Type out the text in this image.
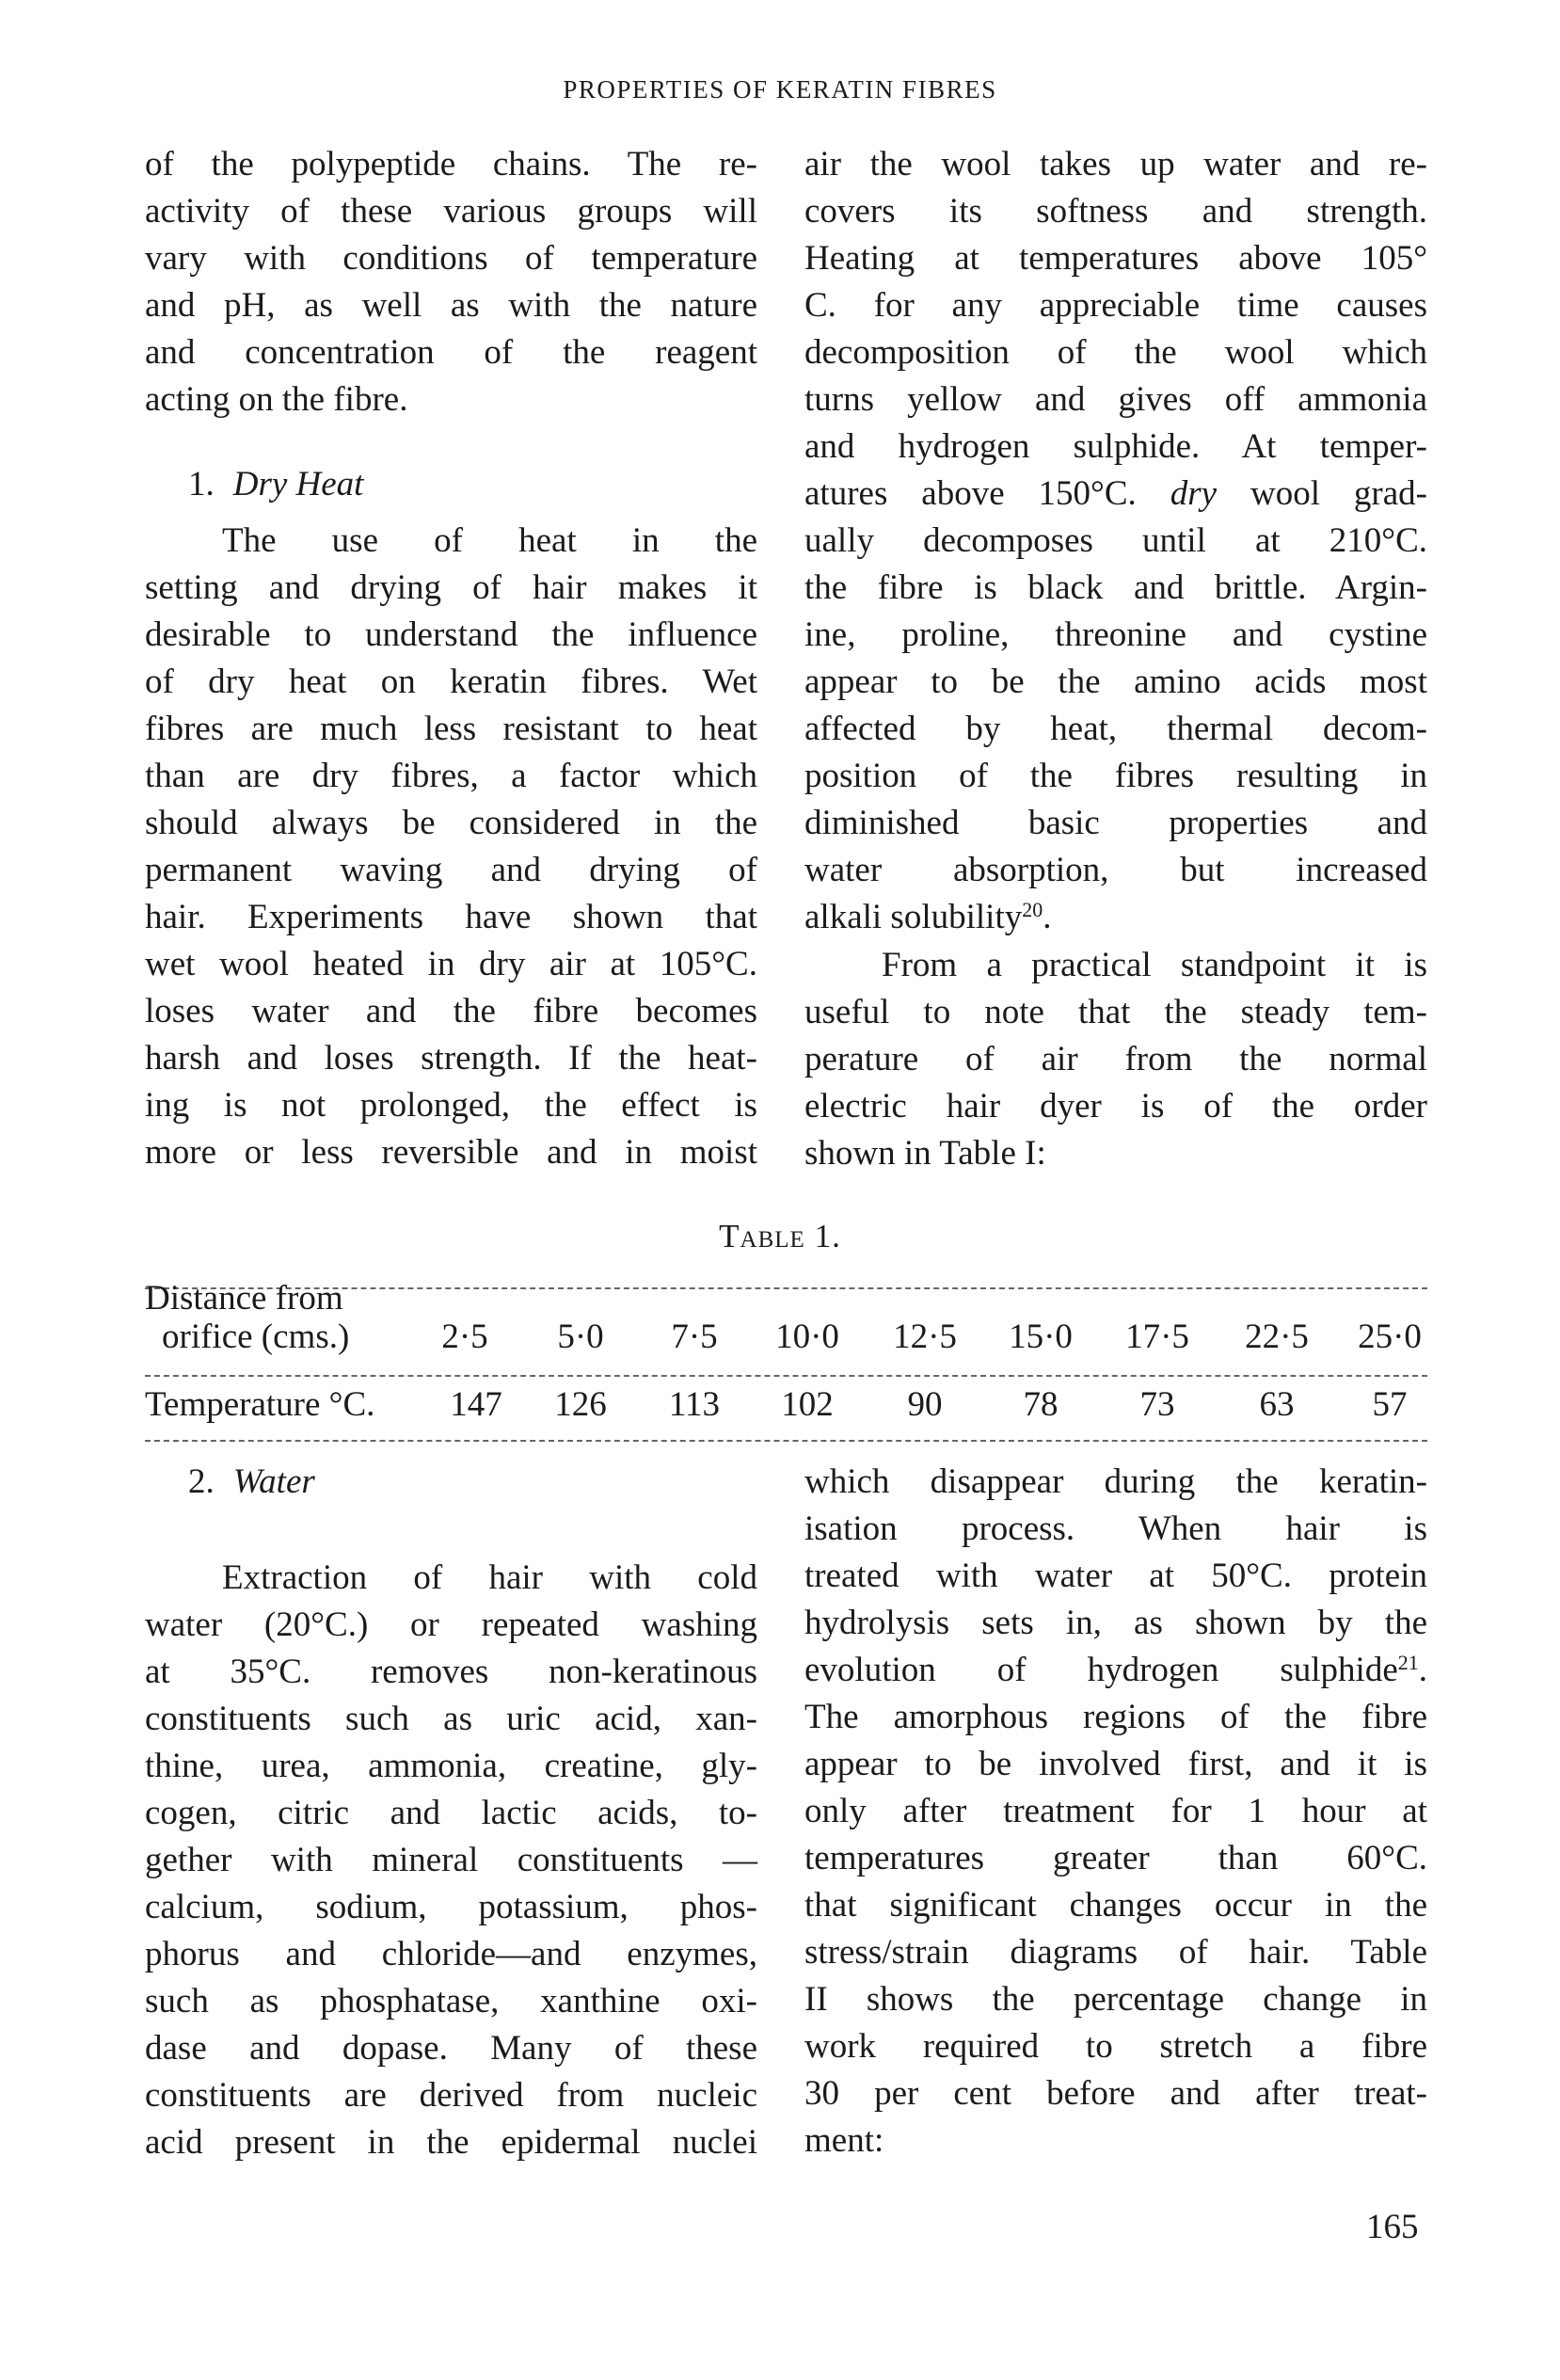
PROPERTIES OF KERATIN FIBRES
of the polypeptide chains. The re-
activity of these various groups will
vary with conditions of temperature
and pH, as well as with the nature
and concentration of the reagent
acting on the fibre.
1. Dry Heat
The use of heat in the
setting and drying of hair makes it
desirable to understand the influence
of dry heat on keratin fibres. Wet
fibres are much less resistant to heat
than are dry fibres, a factor which
should always be considered in the
permanent waving and drying of
hair. Experiments have shown that
wet wool heated in dry air at 105°C.
loses water and the fibre becomes
harsh and loses strength. If the heat-
ing is not prolonged, the effect is
more or less reversible and in moist
air the wool takes up water and re-
covers its softness and strength.
Heating at temperatures above 105°
C. for any appreciable time causes
decomposition of the wool which
turns yellow and gives off ammonia
and hydrogen sulphide. At temper-
atures above 150°C. dry wool grad-
ually decomposes until at 210°C.
the fibre is black and brittle. Argin-
ine, proline, threonine and cystine
appear to be the amino acids most
affected by heat, thermal decom-
position of the fibres resulting in
diminished basic properties and
water absorption, but increased
alkali solubility$^{20}$.
From a practical standpoint it is
useful to note that the steady tem-
perature of air from the normal
electric hair dyer is of the order
shown in Table I:
Table 1.
Distance from
orifice (cms.)
Temperature °C.
2·5 5·0 7·5 10·0 12·5 15·0 17·5 22·5 25·0
147 126 113 102 90 78 73 63 57
2. Water
Extraction of hair with cold
water (20°C.) or repeated washing
at 35°C. removes non-keratinous
constituents such as uric acid, xan-
thine, urea, ammonia, creatine, gly-
cogen, citric and lactic acids, to-
gether with mineral constituents —
calcium, sodium, potassium, phos-
phorus and chloride—and enzymes,
such as phosphatase, xanthine oxi-
dase and dopase. Many of these
constituents are derived from nucleic
acid present in the epidermal nuclei
which disappear during the keratin-
isation process. When hair is
treated with water at 50°C. protein
hydrolysis sets in, as shown by the
evolution of hydrogen sulphide$^{21}$.
The amorphous regions of the fibre
appear to be involved first, and it is
only after treatment for 1 hour at
temperatures greater than 60°C.
that significant changes occur in the
stress/strain diagrams of hair. Table
II shows the percentage change in
work required to stretch a fibre
30 per cent before and after treat-
ment:
165
